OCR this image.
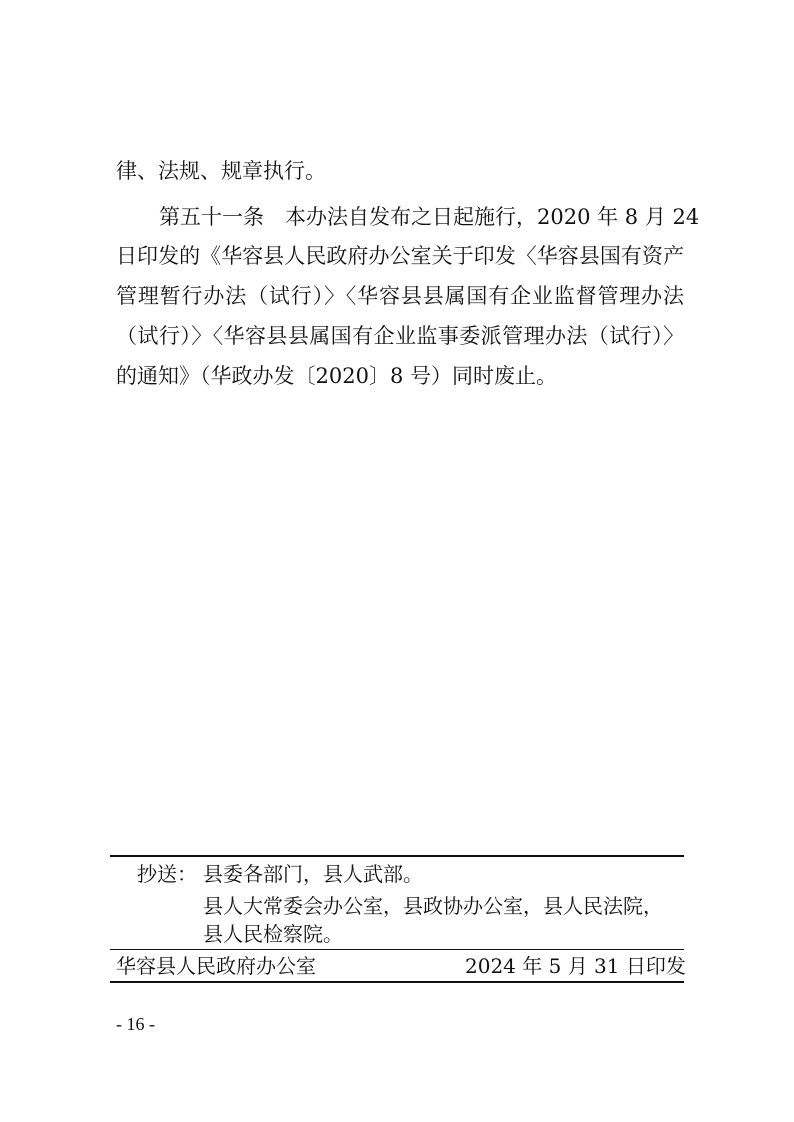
律、法规、规章执行。
第五十一条　本办法自发布之日起施行，2020 年 8 月 24
日印发的《华容县人民政府办公室关于印发〈华容县国有资产
管理暂行办法（试行）〉〈华容县县属国有企业监督管理办法
（试行）〉〈华容县县属国有企业监事委派管理办法（试行）〉
的通知》（华政办发〔2020〕8 号）同时废止。
抄送： 县委各部门，县人武部。
县人大常委会办公室，县政协办公室，县人民法院，
县人民检察院。
华容县人民政府办公室	2024 年 5 月 31 日印发
- 16 -
